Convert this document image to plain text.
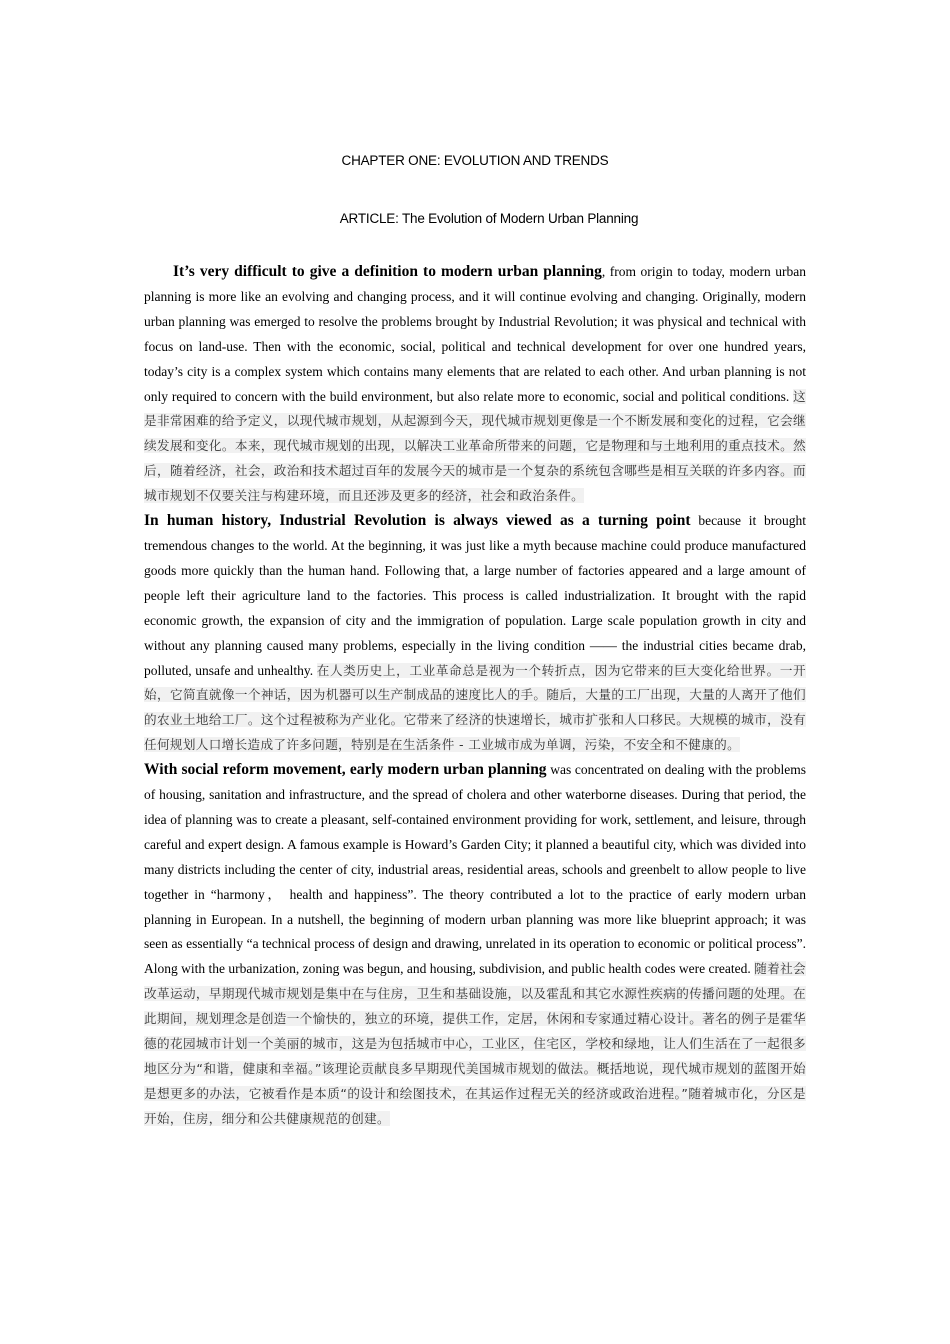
CHAPTER ONE: EVOLUTION AND TRENDS
ARTICLE: The Evolution of Modern Urban Planning

It’s very difficult to give a definition to modern urban planning, from origin to today, modern urban planning is more like an evolving and changing process, and it will continue evolving and changing. Originally, modern urban planning was emerged to resolve the problems brought by Industrial Revolution; it was physical and technical with focus on land-use. Then with the economic, social, political and technical development for over one hundred years, today’s city is a complex system which contains many elements that are related to each other. And urban planning is not only required to concern with the build environment, but also relate more to economic, social and political conditions. 这是非常困难的给予定义，以现代城市规划，从起源到今天，现代城市规划更像是一个不断发展和变化的过程，它会继续发展和变化。本来，现代城市规划的出现，以解决工业革命所带来的问题，它是物理和与土地利用的重点技术。然后，随着经济，社会，政治和技术超过百年的发展今天的城市是一个复杂的系统包含哪些是相互关联的许多内容。而城市规划不仅要关注与构建环境，而且还涉及更多的经济，社会和政治条件。

In human history, Industrial Revolution is always viewed as a turning point because it brought tremendous changes to the world. At the beginning, it was just like a myth because machine could produce manufactured goods more quickly than the human hand. Following that, a large number of factories appeared and a large amount of people left their agriculture land to the factories. This process is called industrialization. It brought with the rapid economic growth, the expansion of city and the immigration of population. Large scale population growth in city and without any planning caused many problems, especially in the living condition —— the industrial cities became drab, polluted, unsafe and unhealthy. 在人类历史上，工业革命总是视为一个转折点，因为它带来的巨大变化给世界。一开始，它简直就像一个神话，因为机器可以生产制成品的速度比人的手。随后，大量的工厂出现，大量的人离开了他们的农业土地给工厂。这个过程被称为产业化。它带来了经济的快速增长，城市扩张和人口移民。大规模的城市，没有任何规划人口增长造成了许多问题，特别是在生活条件 - 工业城市成为单调，污染，不安全和不健康的。

With social reform movement, early modern urban planning was concentrated on dealing with the problems of housing, sanitation and infrastructure, and the spread of cholera and other waterborne diseases. During that period, the idea of planning was to create a pleasant, self-contained environment providing for work, settlement, and leisure, through careful and expert design. A famous example is Howard’s Garden City; it planned a beautiful city, which was divided into many districts including the center of city, industrial areas, residential areas, schools and greenbelt to allow people to live together in “harmony， health and happiness”. The theory contributed a lot to the practice of early modern urban planning in European. In a nutshell, the beginning of modern urban planning was more like blueprint approach; it was seen as essentially “a technical process of design and drawing, unrelated in its operation to economic or political process”. Along with the urbanization, zoning was begun, and housing, subdivision, and public health codes were created. 随着社会改革运动，早期现代城市规划是集中在与住房，卫生和基础设施，以及霍乱和其它水源性疾病的传播问题的处理。在此期间，规划理念是创造一个愉快的，独立的环境，提供工作，定居，休闲和专家通过精心设计。著名的例子是霍华德的花园城市计划一个美丽的城市，这是为包括城市中心，工业区，住宅区，学校和绿地，让人们生活在了一起很多地区分为“和谐，健康和幸福。”该理论贡献良多早期现代美国城市规划的做法。概括地说，现代城市规划的蓝图开始是想更多的办法，它被看作是本质“的设计和绘图技术，在其运作过程无关的经济或政治进程。”随着城市化，分区是开始，住房，细分和公共健康规范的创建。
